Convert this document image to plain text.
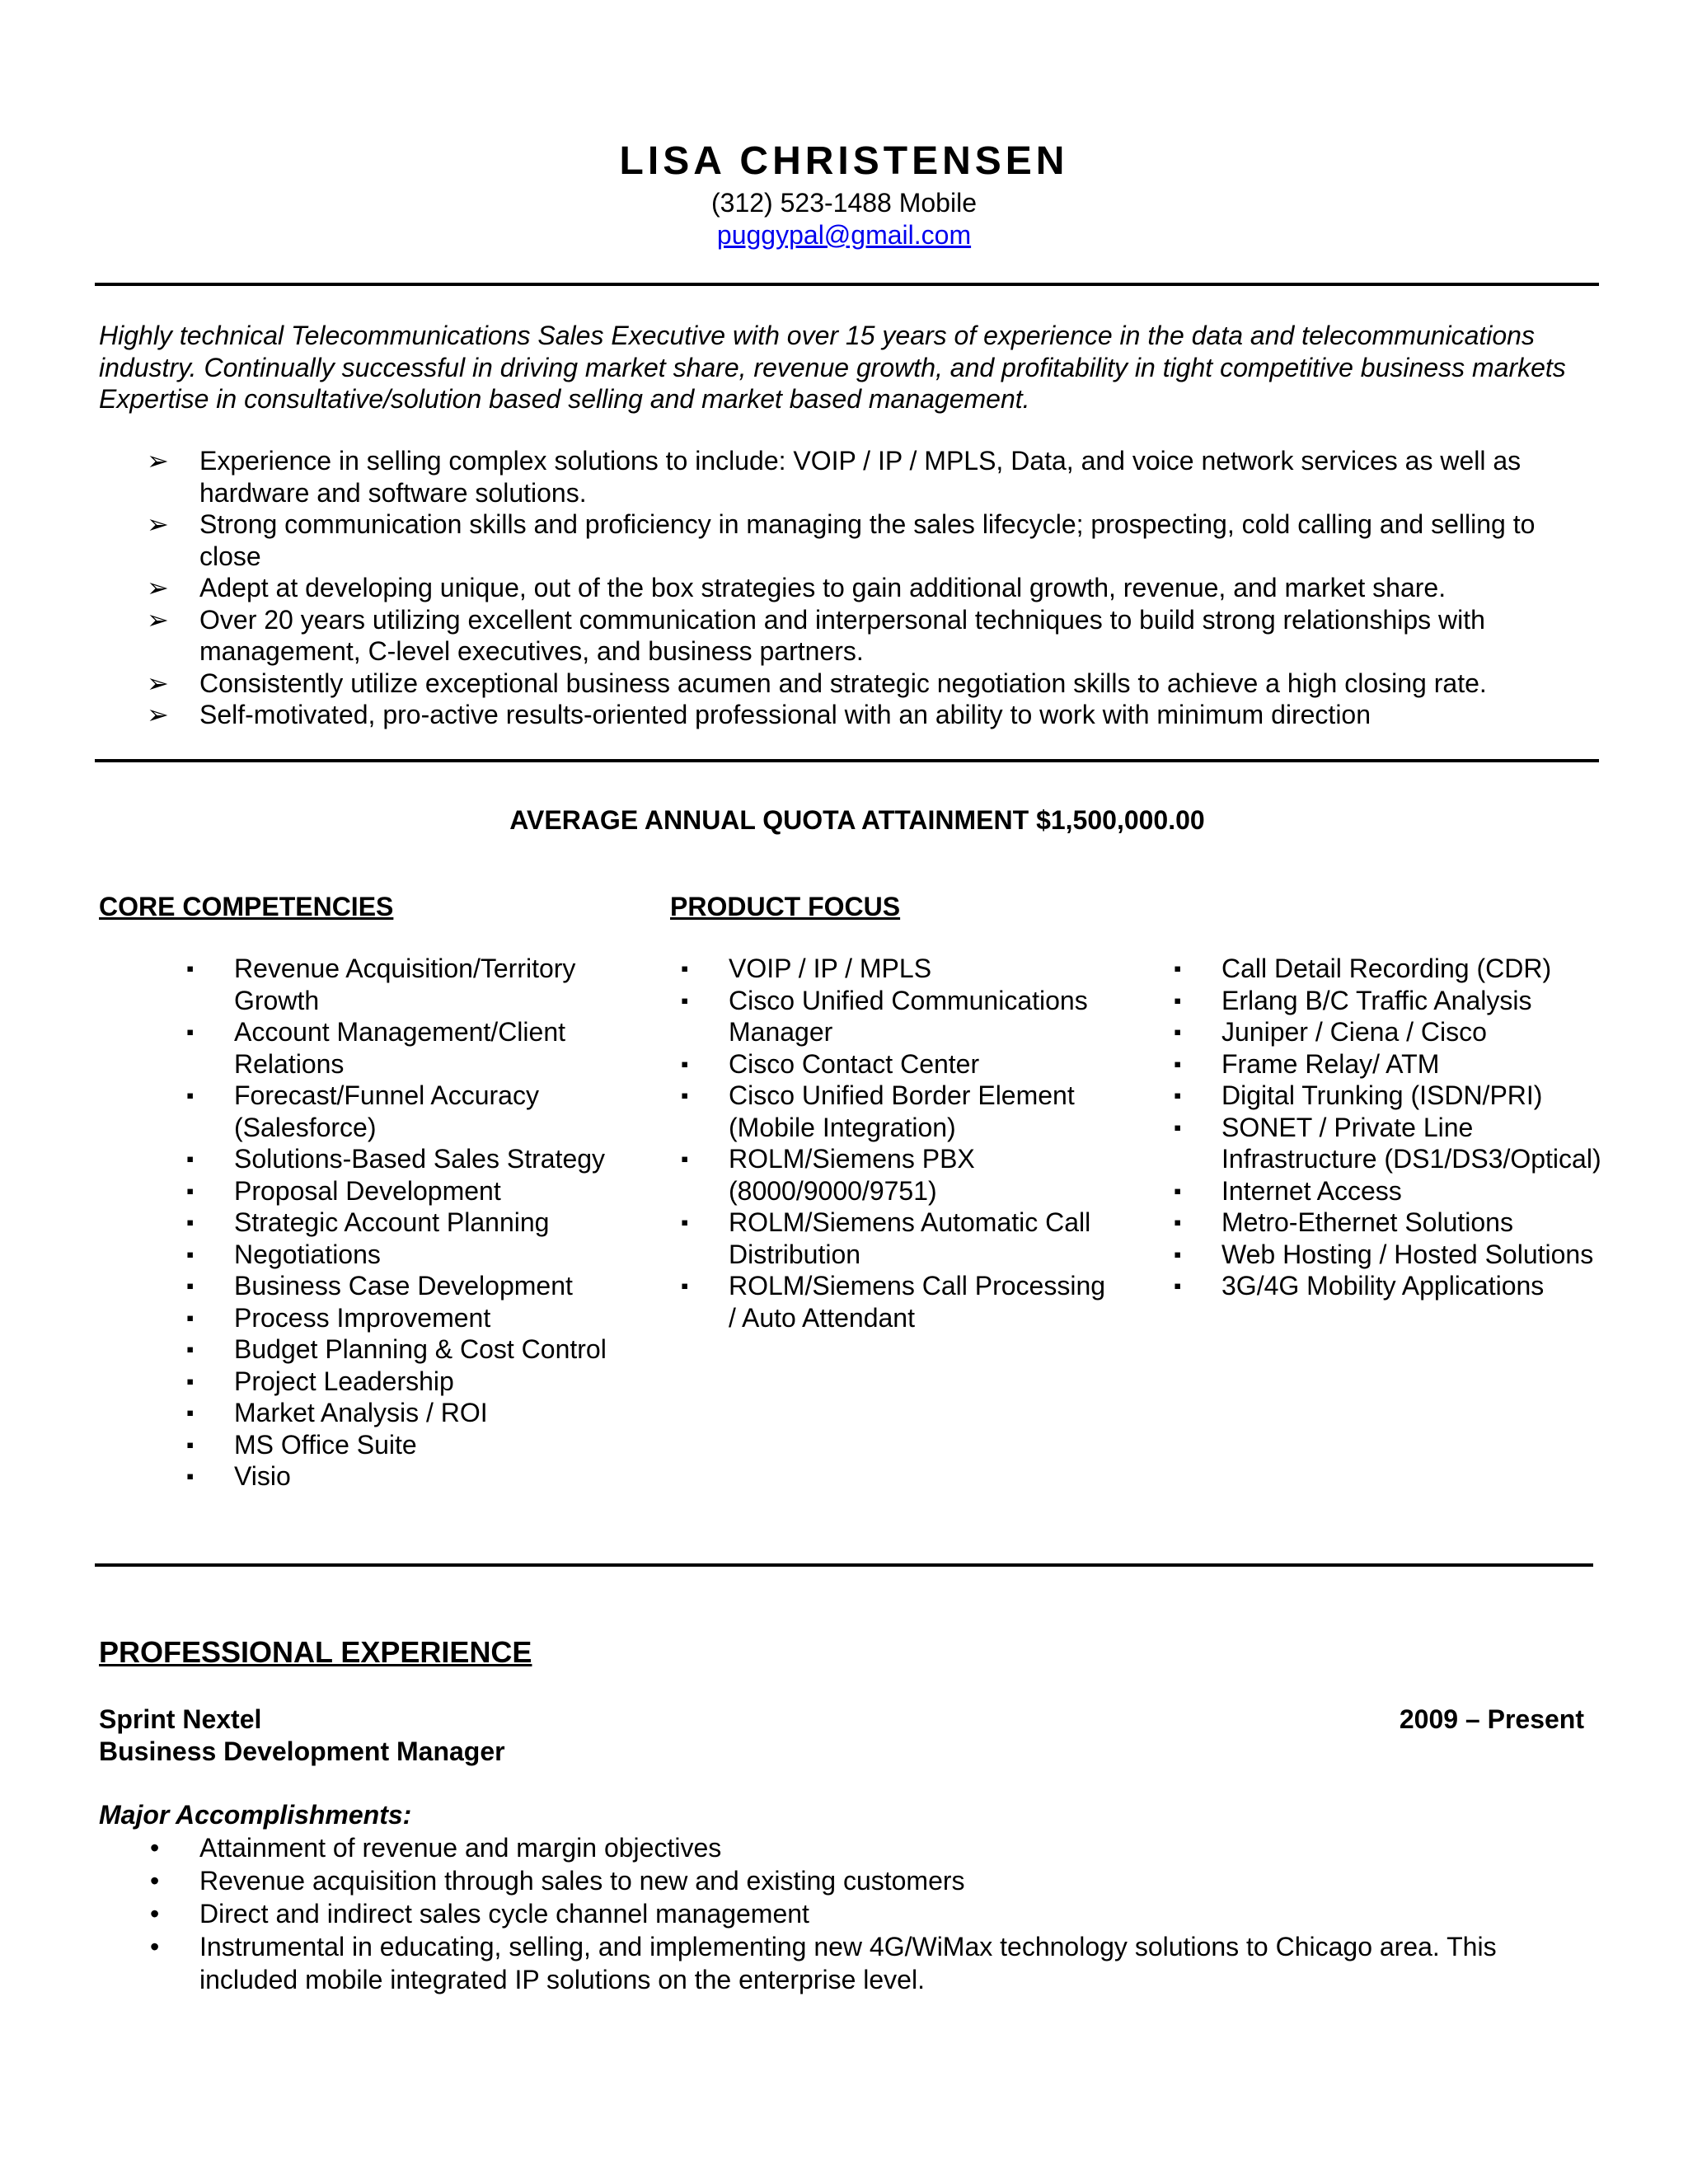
LISA CHRISTENSEN
(312) 523-1488 Mobile
puggypal@gmail.com
Highly technical Telecommunications Sales Executive with over 15 years of experience in the data and telecommunications industry. Continually successful in driving market share, revenue growth, and profitability in tight competitive business markets Expertise in consultative/solution based selling and market based management.
➢ Experience in selling complex solutions to include: VOIP / IP / MPLS, Data, and voice network services as well as hardware and software solutions.
➢ Strong communication skills and proficiency in managing the sales lifecycle; prospecting, cold calling and selling to close
➢ Adept at developing unique, out of the box strategies to gain additional growth, revenue, and market share.
➢ Over 20 years utilizing excellent communication and interpersonal techniques to build strong relationships with management, C-level executives, and business partners.
➢ Consistently utilize exceptional business acumen and strategic negotiation skills to achieve a high closing rate.
➢ Self-motivated, pro-active results-oriented professional with an ability to work with minimum direction
AVERAGE ANNUAL QUOTA ATTAINMENT $1,500,000.00
CORE COMPETENCIES	PRODUCT FOCUS
▪ Revenue Acquisition/Territory Growth
▪ Account Management/Client Relations
▪ Forecast/Funnel Accuracy (Salesforce)
▪ Solutions-Based Sales Strategy
▪ Proposal Development
▪ Strategic Account Planning
▪ Negotiations
▪ Business Case Development
▪ Process Improvement
▪ Budget Planning & Cost Control
▪ Project Leadership
▪ Market Analysis / ROI
▪ MS Office Suite
▪ Visio
▪ VOIP / IP / MPLS
▪ Cisco Unified Communications Manager
▪ Cisco Contact Center
▪ Cisco Unified Border Element (Mobile Integration)
▪ ROLM/Siemens PBX (8000/9000/9751)
▪ ROLM/Siemens Automatic Call Distribution
▪ ROLM/Siemens Call Processing / Auto Attendant
▪ Call Detail Recording (CDR)
▪ Erlang B/C Traffic Analysis
▪ Juniper / Ciena / Cisco
▪ Frame Relay/ ATM
▪ Digital Trunking (ISDN/PRI)
▪ SONET / Private Line Infrastructure (DS1/DS3/Optical)
▪ Internet Access
▪ Metro-Ethernet Solutions
▪ Web Hosting / Hosted Solutions
▪ 3G/4G Mobility Applications
PROFESSIONAL EXPERIENCE
Sprint Nextel	2009 – Present
Business Development Manager
Major Accomplishments:
• Attainment of revenue and margin objectives
• Revenue acquisition through sales to new and existing customers
• Direct and indirect sales cycle channel management
• Instrumental in educating, selling, and implementing new 4G/WiMax technology solutions to Chicago area. This included mobile integrated IP solutions on the enterprise level.
